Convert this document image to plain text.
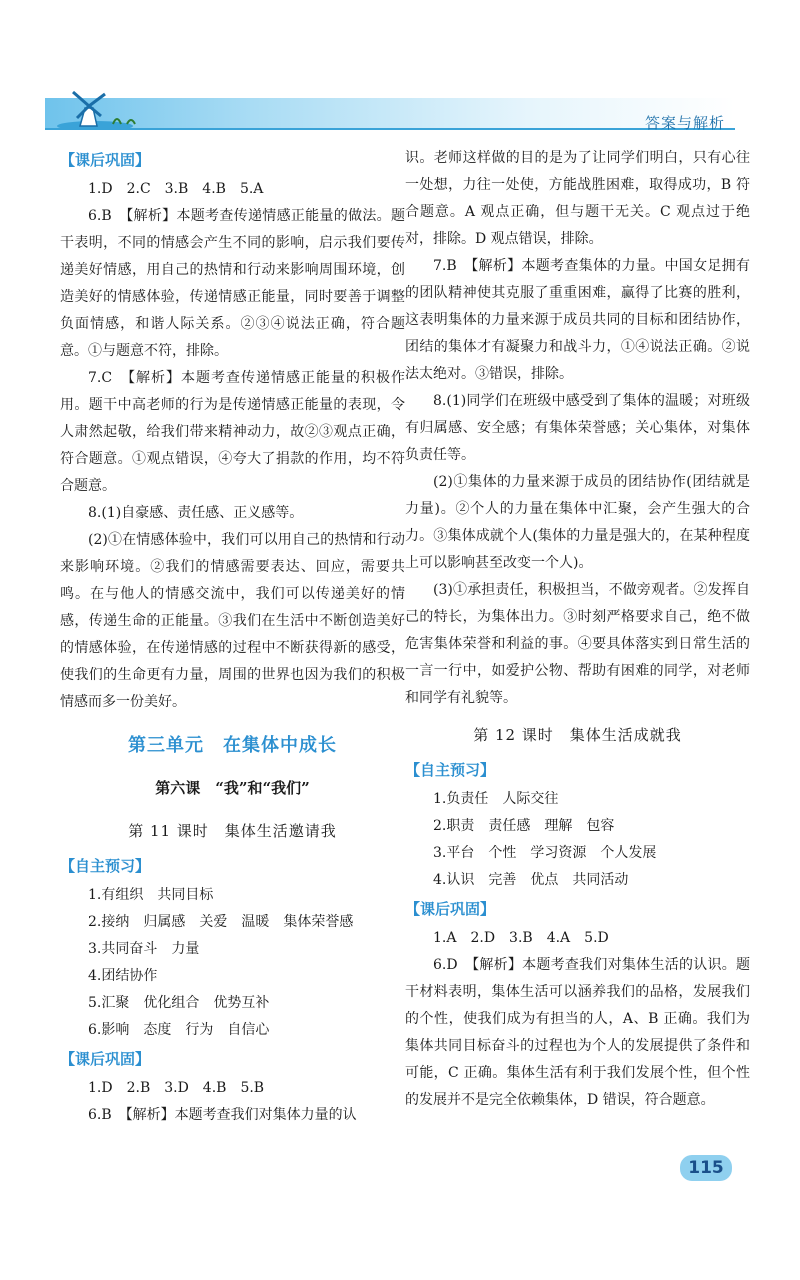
答案与解析
【课后巩固】

1.D　2.C　3.B　4.B　5.A

6.B　【解析】本题考查传递情感正能量的做法。题干表明，不同的情感会产生不同的影响，启示我们要传递美好情感，用自己的热情和行动来影响周围环境，创造美好的情感体验，传递情感正能量，同时要善于调整负面情感，和谐人际关系。②③④说法正确，符合题意。①与题意不符，排除。

7.C　【解析】本题考查传递情感正能量的积极作用。题干中高老师的行为是传递情感正能量的表现，令人肃然起敬，给我们带来精神动力，故②③观点正确，符合题意。①观点错误，④夸大了捐款的作用，均不符合题意。

8.(1)自豪感、责任感、正义感等。

(2)①在情感体验中，我们可以用自己的热情和行动来影响环境。②我们的情感需要表达、回应，需要共鸣。在与他人的情感交流中，我们可以传递美好的情感，传递生命的正能量。③我们在生活中不断创造美好的情感体验，在传递情感的过程中不断获得新的感受，使我们的生命更有力量，周围的世界也因为我们的积极情感而多一份美好。

第三单元　在集体中成长
第六课　“我”和“我们”
第 11 课时　集体生活邀请我
【自主预习】

1.有组织　共同目标

2.接纳　归属感　关爱　温暖　集体荣誉感

3.共同奋斗　力量

4.团结协作

5.汇聚　优化组合　优势互补

6.影响　态度　行为　自信心

【课后巩固】

1.D　2.B　3.D　4.B　5.B

6.B　【解析】本题考查我们对集体力量的认

识。老师这样做的目的是为了让同学们明白，只有心往一处想，力往一处使，方能战胜困难，取得成功，B 符合题意。A 观点正确，但与题干无关。C 观点过于绝对，排除。D 观点错误，排除。

7.B　【解析】本题考查集体的力量。中国女足拥有的团队精神使其克服了重重困难，赢得了比赛的胜利，这表明集体的力量来源于成员共同的目标和团结协作，团结的集体才有凝聚力和战斗力，①④说法正确。②说法太绝对。③错误，排除。

8.(1)同学们在班级中感受到了集体的温暖；对班级有归属感、安全感；有集体荣誉感；关心集体，对集体负责任等。

(2)①集体的力量来源于成员的团结协作(团结就是力量)。②个人的力量在集体中汇聚，会产生强大的合力。③集体成就个人(集体的力量是强大的，在某种程度上可以影响甚至改变一个人)。

(3)①承担责任，积极担当，不做旁观者。②发挥自己的特长，为集体出力。③时刻严格要求自己，绝不做危害集体荣誉和利益的事。④要具体落实到日常生活的一言一行中，如爱护公物、帮助有困难的同学，对老师和同学有礼貌等。

第 12 课时　集体生活成就我
【自主预习】

1.负责任　人际交往

2.职责　责任感　理解　包容

3.平台　个性　学习资源　个人发展

4.认识　完善　优点　共同活动

【课后巩固】

1.A　2.D　3.B　4.A　5.D

6.D　【解析】本题考查我们对集体生活的认识。题干材料表明，集体生活可以涵养我们的品格，发展我们的个性，使我们成为有担当的人，A、B 正确。我们为集体共同目标奋斗的过程也为个人的发展提供了条件和可能，C 正确。集体生活有利于我们发展个性，但个性的发展并不是完全依赖集体，D 错误，符合题意。

115
